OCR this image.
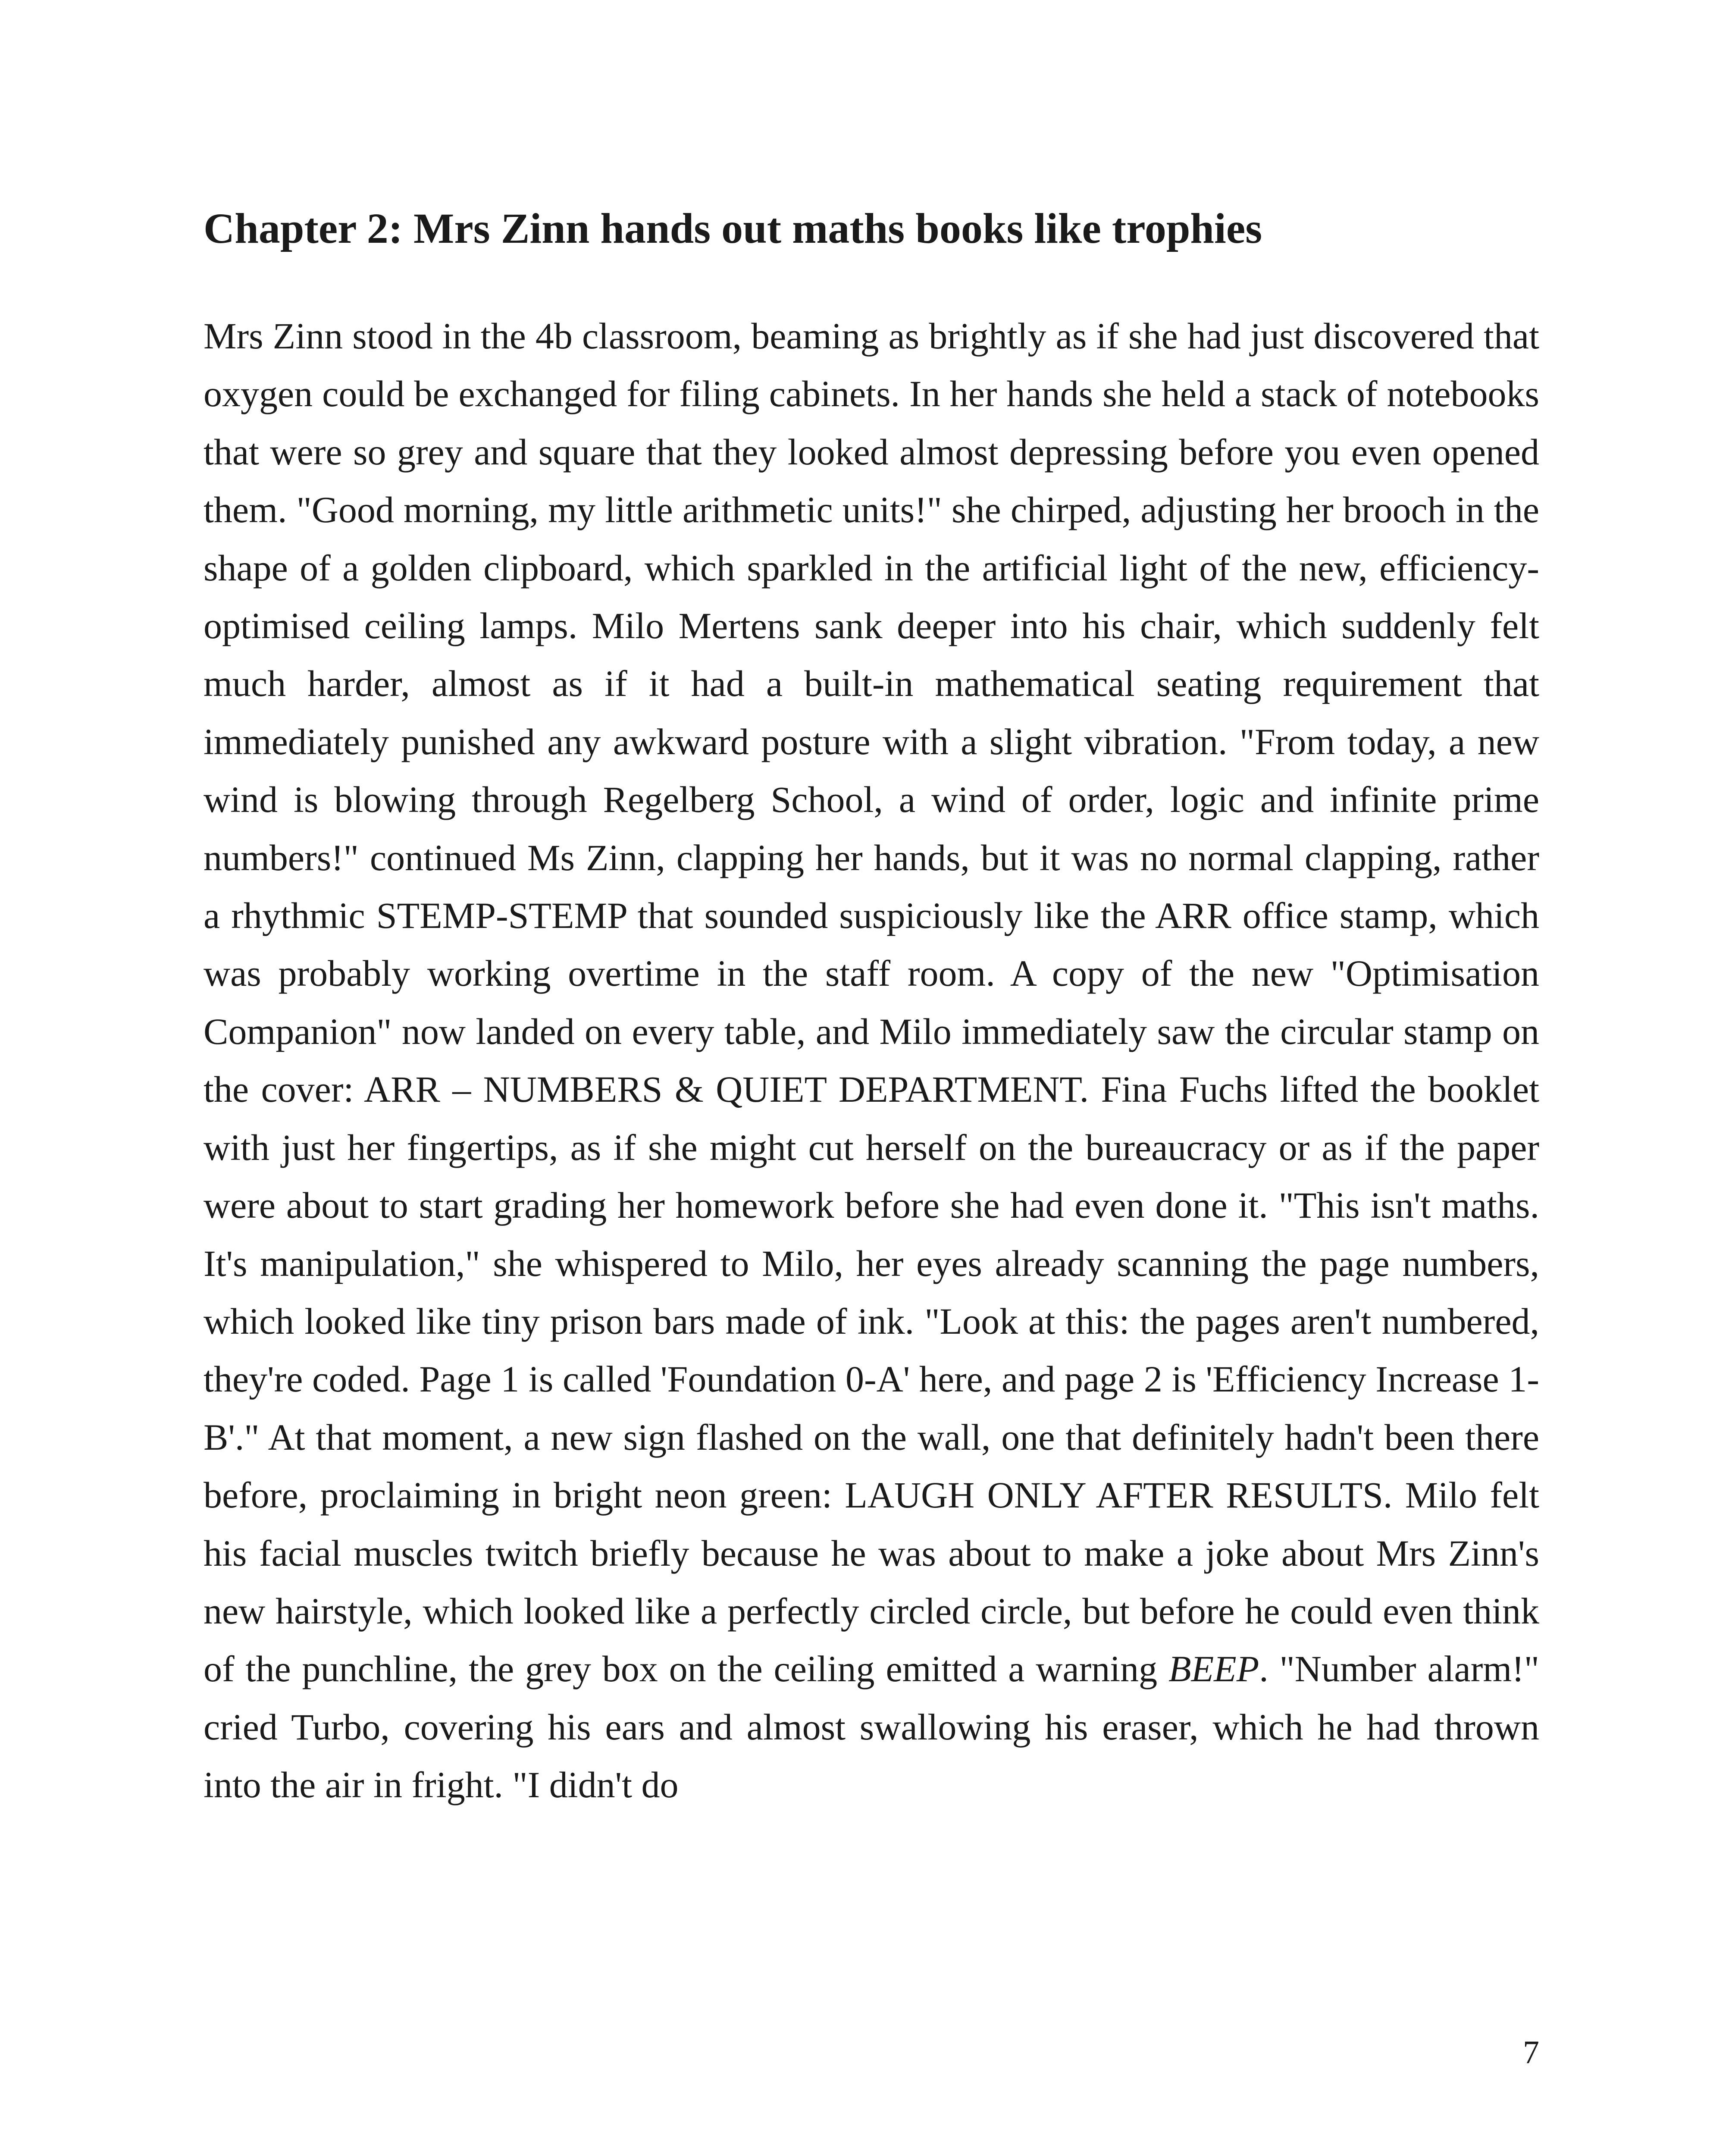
Chapter 2: Mrs Zinn hands out maths books like trophies

Mrs Zinn stood in the 4b classroom, beaming as brightly as if she had just discovered that oxygen could be exchanged for filing cabinets. In her hands she held a stack of notebooks that were so grey and square that they looked almost depressing before you even opened them. "Good morning, my little arithmetic units!" she chirped, adjusting her brooch in the shape of a golden clipboard, which sparkled in the artificial light of the new, efficiency-optimised ceiling lamps. Milo Mertens sank deeper into his chair, which suddenly felt much harder, almost as if it had a built-in mathematical seating requirement that immediately punished any awkward posture with a slight vibration. "From today, a new wind is blowing through Regelberg School, a wind of order, logic and infinite prime numbers!" continued Ms Zinn, clapping her hands, but it was no normal clapping, rather a rhythmic STEMP-STEMP that sounded suspiciously like the ARR office stamp, which was probably working overtime in the staff room. A copy of the new "Optimisation Companion" now landed on every table, and Milo immediately saw the circular stamp on the cover: ARR – NUMBERS & QUIET DEPARTMENT. Fina Fuchs lifted the booklet with just her fingertips, as if she might cut herself on the bureaucracy or as if the paper were about to start grading her homework before she had even done it. "This isn't maths. It's manipulation," she whispered to Milo, her eyes already scanning the page numbers, which looked like tiny prison bars made of ink. "Look at this: the pages aren't numbered, they're coded. Page 1 is called 'Foundation 0-A' here, and page 2 is 'Efficiency Increase 1-B'." At that moment, a new sign flashed on the wall, one that definitely hadn't been there before, proclaiming in bright neon green: LAUGH ONLY AFTER RESULTS. Milo felt his facial muscles twitch briefly because he was about to make a joke about Mrs Zinn's new hairstyle, which looked like a perfectly circled circle, but before he could even think of the punchline, the grey box on the ceiling emitted a warning BEEP. "Number alarm!" cried Turbo, covering his ears and almost swallowing his eraser, which he had thrown into the air in fright. "I didn't do

7
